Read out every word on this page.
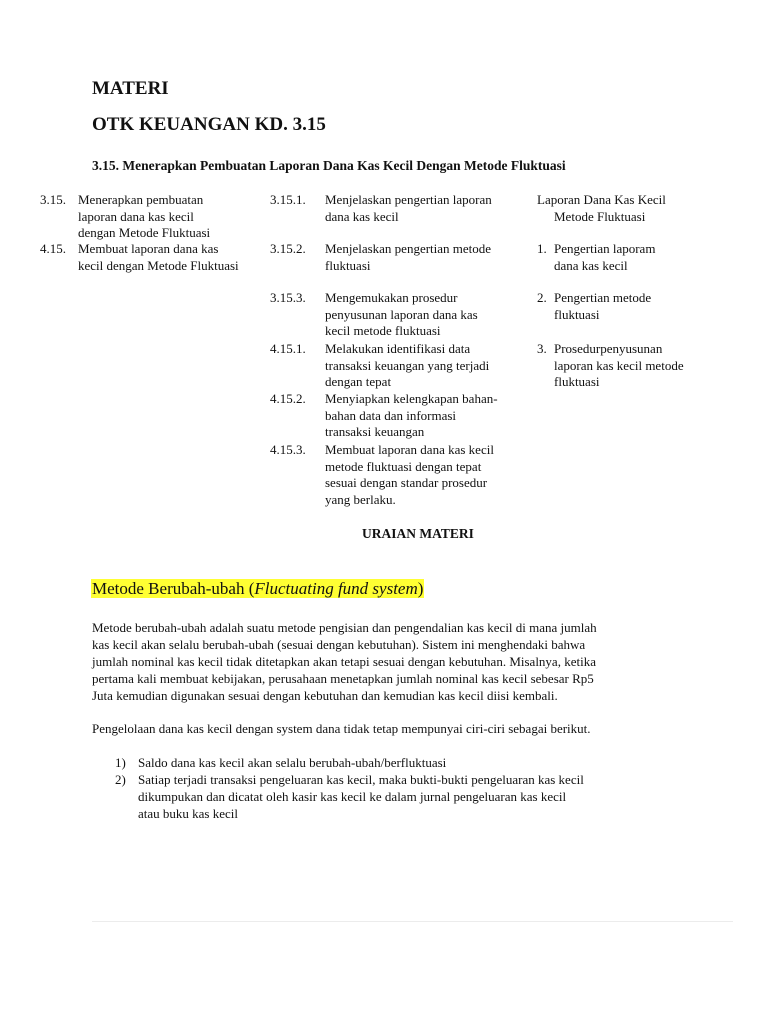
MATERI
OTK KEUANGAN KD. 3.15
3.15. Menerapkan Pembuatan Laporan Dana Kas Kecil Dengan Metode Fluktuasi
3.15. Menerapkan pembuatan
laporan dana kas kecil
dengan Metode Fluktuasi
4.15. Membuat laporan dana kas
kecil dengan Metode Fluktuasi
3.15.1. Menjelaskan pengertian laporan
dana kas kecil
3.15.2. Menjelaskan pengertian metode
fluktuasi
3.15.3. Mengemukakan prosedur
penyusunan laporan dana kas
kecil metode fluktuasi
4.15.1. Melakukan identifikasi data
transaksi keuangan yang terjadi
dengan tepat
4.15.2. Menyiapkan kelengkapan bahan-
bahan data dan informasi
transaksi keuangan
4.15.3. Membuat laporan dana kas kecil
metode fluktuasi dengan tepat
sesuai dengan standar prosedur
yang berlaku.
Laporan Dana Kas Kecil
Metode Fluktuasi
1. Pengertian laporam
dana kas kecil
2. Pengertian metode
fluktuasi
3. Prosedurpenyusunan
laporan kas kecil metode
fluktuasi
URAIAN MATERI
Metode Berubah-ubah (Fluctuating fund system)
Metode berubah-ubah adalah suatu metode pengisian dan pengendalian kas kecil di mana jumlah
kas kecil akan selalu berubah-ubah (sesuai dengan kebutuhan). Sistem ini menghendaki bahwa
jumlah nominal kas kecil tidak ditetapkan akan tetapi sesuai dengan kebutuhan. Misalnya, ketika
pertama kali membuat kebijakan, perusahaan menetapkan jumlah nominal kas kecil sebesar Rp5
Juta kemudian digunakan sesuai dengan kebutuhan dan kemudian kas kecil diisi kembali.
Pengelolaan dana kas kecil dengan system dana tidak tetap mempunyai ciri-ciri sebagai berikut.
1) Saldo dana kas kecil akan selalu berubah-ubah/berfluktuasi
2) Satiap terjadi transaksi pengeluaran kas kecil, maka bukti-bukti pengeluaran kas kecil
dikumpukan dan dicatat oleh kasir kas kecil ke dalam jurnal pengeluaran kas kecil
atau buku kas kecil
